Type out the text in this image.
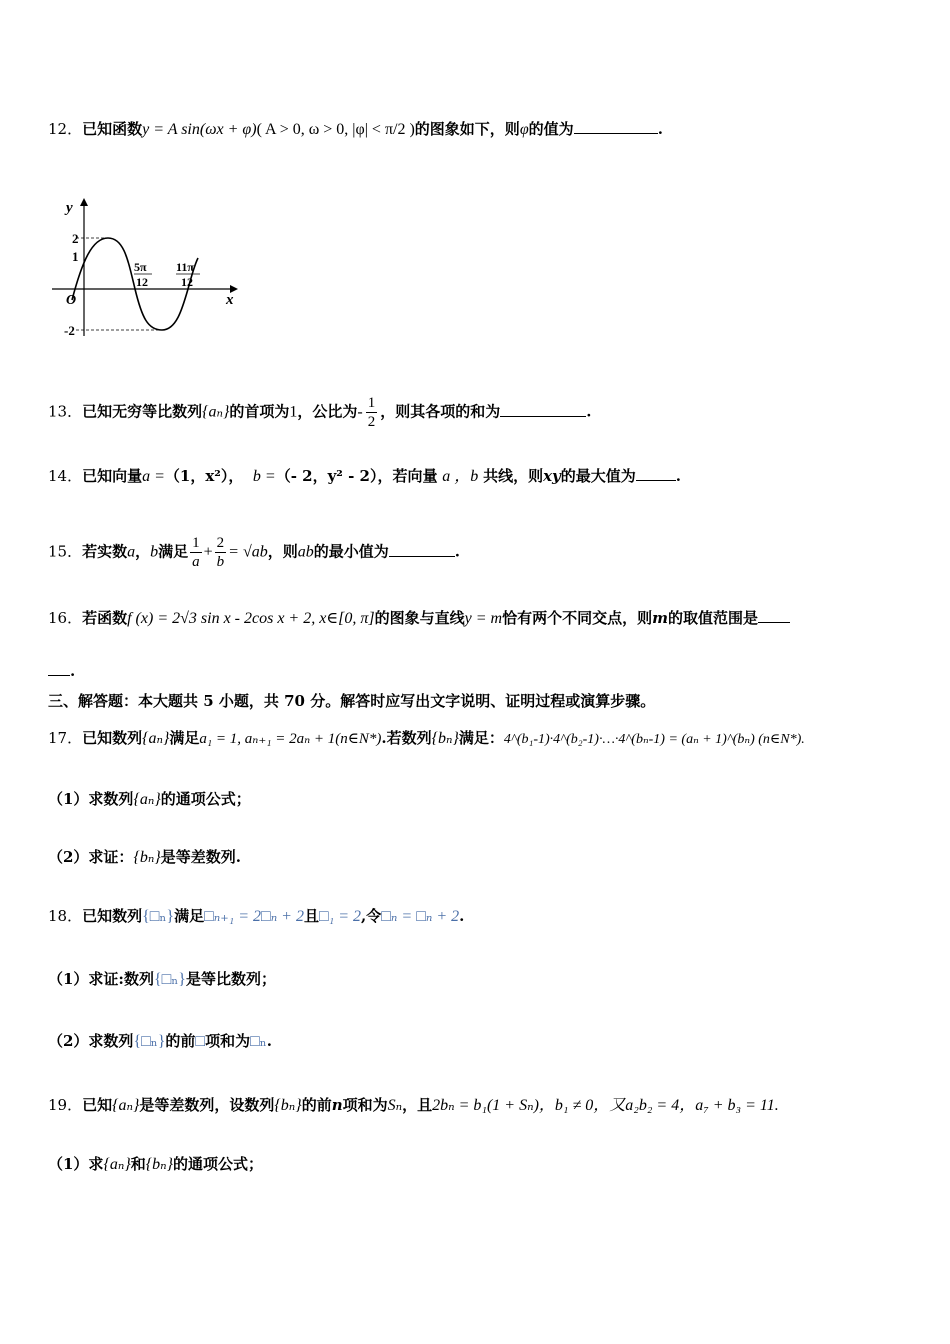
12．已知函数y = A sin(ωx + φ)( A > 0, ω > 0, |φ| < π/2 )的图象如下，则φ的值为	.
y
x
O
2
1
-2
5π
12
11π
12
13．已知无穷等比数列{aₙ}的首项为1，公比为- $\frac{1}{2}$ ，则其各项的和为	.
14．已知向量a =（1，x²）， b =（- 2，y² - 2），若向量 a ，b 共线，则xy的最大值为	.
15．若实数a，b满足 $\frac{1}{a} + \frac{2}{b} = √ab$，则ab的最小值为	.
16．若函数f (x) = 2√3 sin x - 2cos x + 2, x∈[0, π]的图象与直线y = m恰有两个不同交点，则m的取值范围是
.
三、解答题：本大题共 5 小题，共 70 分。解答时应写出文字说明、证明过程或演算步骤。
17．已知数列{aₙ}满足a₁ = 1, aₙ₊₁ = 2aₙ + 1(n∈N*).若数列{bₙ}满足：4^(b₁-1)·4^(b₂-1)·…·4^(bₙ-1) = (aₙ + 1)^(bₙ) (n∈N*).
（1）求数列{aₙ}的通项公式；
（2）求证：{bₙ}是等差数列.
18．已知数列{□ₙ}满足□ₙ₊₁ = 2□ₙ + 2且□₁ = 2,令□ₙ = □ₙ + 2.
（1）求证:数列{□ₙ}是等比数列；
（2）求数列{□ₙ}的前□项和为□ₙ.
19．已知{aₙ}是等差数列，设数列{bₙ}的前n项和为Sₙ，且2bₙ = b₁(1 + Sₙ)，b₁ ≠ 0，又a₂b₂ = 4，a₇ + b₃ = 11.
（1）求{aₙ}和{bₙ}的通项公式；
